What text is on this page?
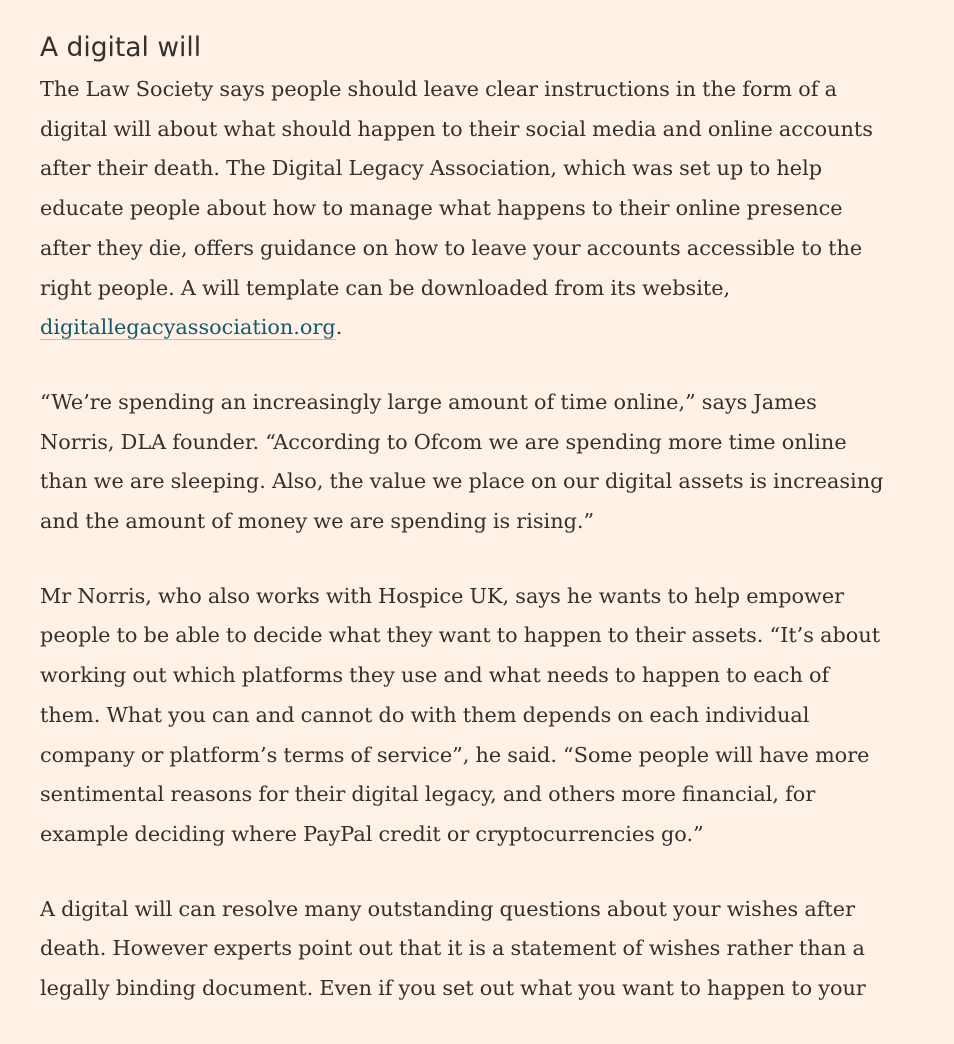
A digital will

The Law Society says people should leave clear instructions in the form of a
digital will about what should happen to their social media and online accounts
after their death. The Digital Legacy Association, which was set up to help
educate people about how to manage what happens to their online presence
after they die, offers guidance on how to leave your accounts accessible to the
right people. A will template can be downloaded from its website,
digitallegacyassociation.org.

“We’re spending an increasingly large amount of time online,” says James
Norris, DLA founder. “According to Ofcom we are spending more time online
than we are sleeping. Also, the value we place on our digital assets is increasing
and the amount of money we are spending is rising.”

Mr Norris, who also works with Hospice UK, says he wants to help empower
people to be able to decide what they want to happen to their assets. “It’s about
working out which platforms they use and what needs to happen to each of
them. What you can and cannot do with them depends on each individual
company or platform’s terms of service”, he said. “Some people will have more
sentimental reasons for their digital legacy, and others more financial, for
example deciding where PayPal credit or cryptocurrencies go.”

A digital will can resolve many outstanding questions about your wishes after
death. However experts point out that it is a statement of wishes rather than a
legally binding document. Even if you set out what you want to happen to your
